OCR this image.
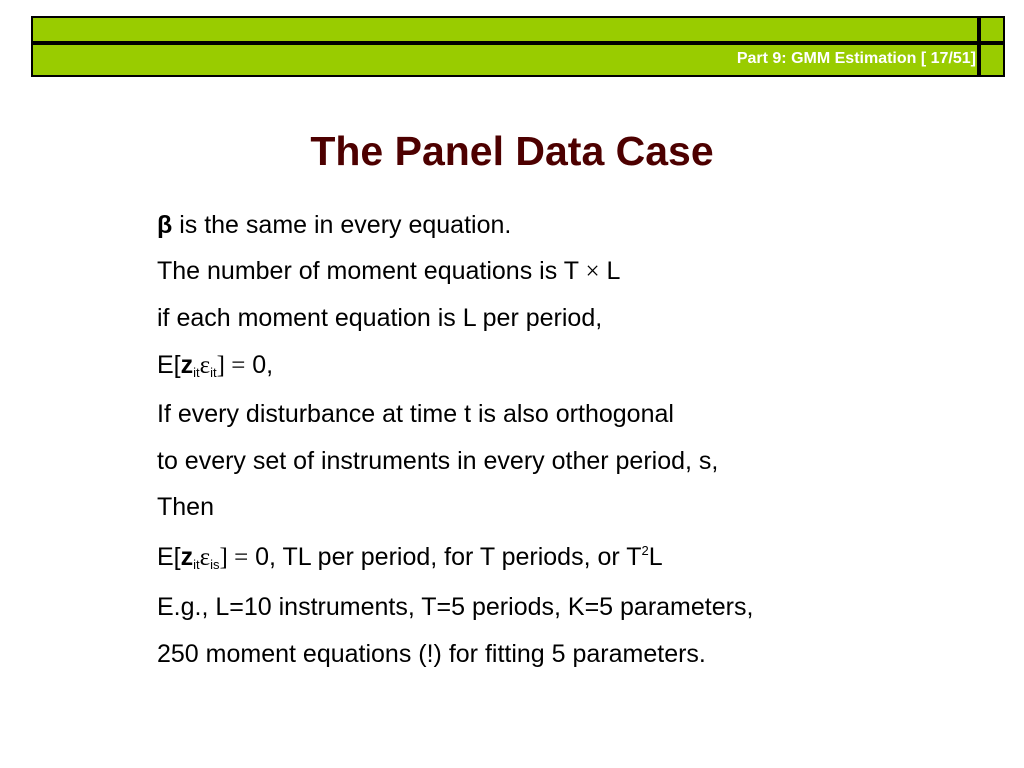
Part 9: GMM Estimation [ 17/51]
The Panel Data Case
β is the same in every equation.
The number of moment equations is T × L
if each moment equation is L per period,
$E[z_{it}\varepsilon_{it}] = 0$,
If every disturbance at time t is also orthogonal
to every set of instruments in every other period, s,
Then
$E[z_{it}\varepsilon_{is}] = 0$, TL per period, for T periods, or $T^2L$
E.g., L=10 instruments, T=5 periods, K=5 parameters,
250 moment equations (!) for fitting 5 parameters.
